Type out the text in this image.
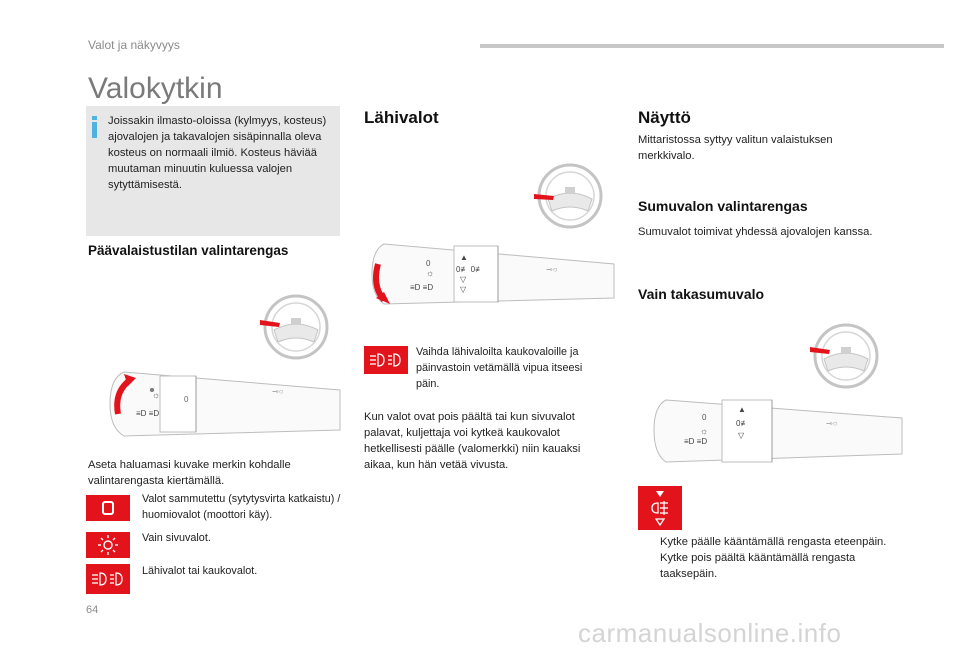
Valot ja näkyvyys
Valokytkin
Joissakin ilmasto-oloissa (kylmyys, kosteus) ajovalojen ja takavalojen sisäpinnalla oleva kosteus on normaali ilmiö. Kosteus häviää muutaman minuutin kuluessa valojen sytyttämisestä.
Päävalaistustilan valintarengas
☼
≡D ≡D
0
⊸○
Aseta haluamasi kuvake merkin kohdalle valintarengasta kiertämällä.
Valot sammutettu (sytytysvirta katkaistu) / huomiovalot (moottori käy).
Vain sivuvalot.
Lähivalot tai kaukovalot.
Lähivalot
0
☼
≡D ≡D
▲
0≢ 0≢
▽
▽
⊸○
Vaihda lähivaloilta kaukovaloille ja päinvastoin vetämällä vipua itseesi päin.
Kun valot ovat pois päältä tai kun sivuvalot palavat, kuljettaja voi kytkeä kaukovalot hetkellisesti päälle (valomerkki) niin kauaksi aikaa, kun hän vetää vivusta.
Näyttö
Mittaristossa syttyy valitun valaistuksen merkkivalo.
Sumuvalon valintarengas
Sumuvalot toimivat yhdessä ajovalojen kanssa.
Vain takasumuvalo
0
☼
≡D ≡D
▲
0≢
▽
⊸○
Kytke päälle kääntämällä rengasta eteenpäin.
Kytke pois päältä kääntämällä rengasta taaksepäin.
64
carmanualsonline.info
